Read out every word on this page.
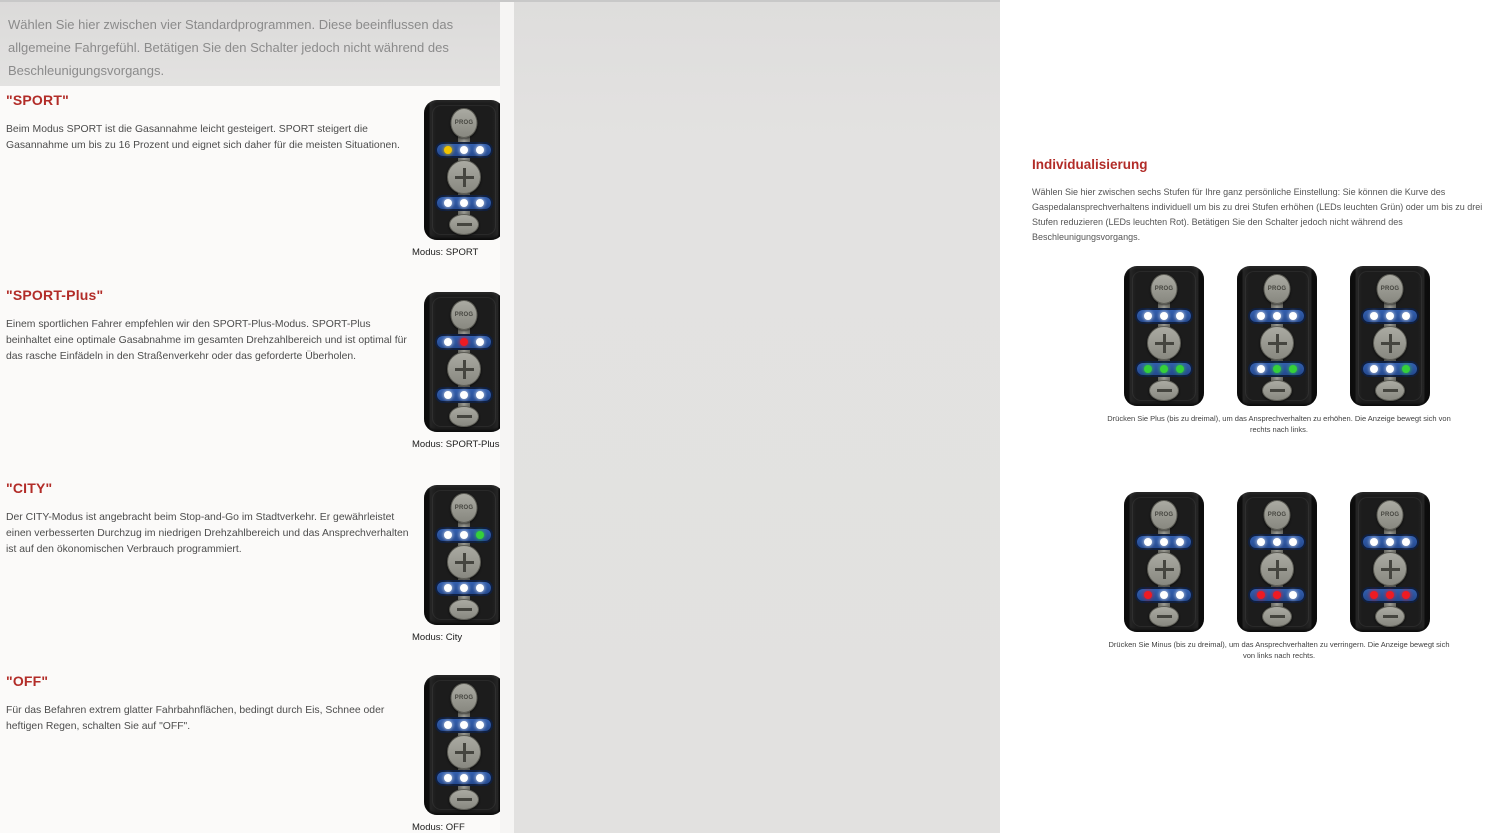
Wählen Sie hier zwischen vier Standardprogrammen. Diese beeinflussen das allgemeine Fahrgefühl. Betätigen Sie den Schalter jedoch nicht während des Beschleunigungsvorgangs.
"SPORT"

Beim Modus SPORT ist die Gasannahme leicht gesteigert. SPORT steigert die Gasannahme um bis zu 16 Prozent und eignet sich daher für die meisten Situationen.

PROG
Modus: SPORT
"SPORT-Plus"

Einem sportlichen Fahrer empfehlen wir den SPORT-Plus-Modus. SPORT-Plus beinhaltet eine optimale Gasabnahme im gesamten Drehzahlbereich und ist optimal für das rasche Einfädeln in den Straßenverkehr oder das geforderte Überholen.

PROG
Modus: SPORT-Plus
"CITY"

Der CITY-Modus ist angebracht beim Stop-and-Go im Stadtverkehr. Er gewährleistet einen verbesserten Durchzug im niedrigen Drehzahlbereich und das Ansprechverhalten ist auf den ökonomischen Verbrauch programmiert.

PROG
Modus: City
"OFF"

Für das Befahren extrem glatter Fahrbahnflächen, bedingt durch Eis, Schnee oder heftigen Regen, schalten Sie auf "OFF".

PROG
Modus: OFF
Individualisierung

Wählen Sie hier zwischen sechs Stufen für Ihre ganz persönliche Einstellung: Sie können die Kurve des Gaspedalansprechverhaltens individuell um bis zu drei Stufen erhöhen (LEDs leuchten Grün) oder um bis zu drei Stufen reduzieren (LEDs leuchten Rot). Betätigen Sie den Schalter jedoch nicht während des Beschleunigungsvorgangs.

PROG	PROG	PROG

Drücken Sie Plus (bis zu dreimal), um das Ansprechverhalten zu erhöhen. Die Anzeige bewegt sich von rechts nach links.

PROG	PROG	PROG

Drücken Sie Minus (bis zu dreimal), um das Ansprechverhalten zu verringern. Die Anzeige bewegt sich von links nach rechts.
